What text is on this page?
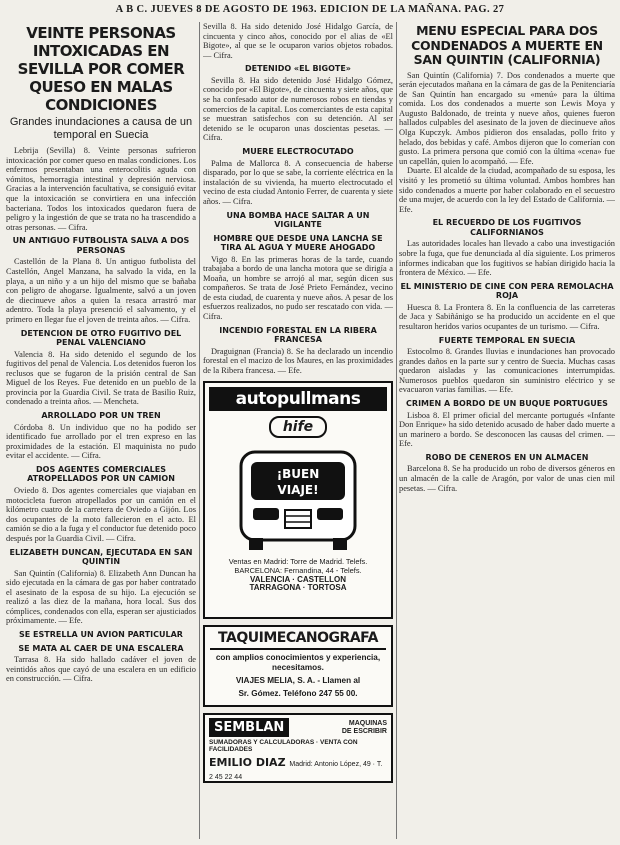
A B C. JUEVES 8 DE AGOSTO DE 1963. EDICION DE LA MAÑANA. PAG. 27
VEINTE PERSONAS INTOXICADAS EN SEVILLA POR COMER QUESO EN MALAS CONDICIONES
Grandes inundaciones a causa de un temporal en Suecia
Lebrija (Sevilla) 8. Veinte personas sufrieron intoxicación por comer queso en malas condiciones. Los enfermos presentaban una enterocolitis aguda con vómitos, hemorragia intestinal y depresión nerviosa. Gracias a la intervención facultativa, se consiguió evitar que la intoxicación se convirtiera en una infección bacteriana. Todos los intoxicados quedaron fuera de peligro y la ingestión de que se trata no ha trascendido a otras personas. — Cifra.
UN ANTIGUO FUTBOLISTA SALVA A DOS PERSONAS
Castellón de la Plana 8. Un antiguo futbolista del Castellón, Angel Manzana, ha salvado la vida, en la playa, a un niño y a un hijo del mismo que se bañaba con peligro de ahogarse. Igualmente, salvó a un joven de diecinueve años a quien la resaca arrastró mar adentro. Toda la playa presenció el salvamento, y el primero en llegar fue el joven de treinta años. — Cifra.
DETENCION DE OTRO FUGITIVO DEL PENAL VALENCIANO
Valencia 8. Ha sido detenido el segundo de los fugitivos del penal de Valencia. Los detenidos fueron los reclusos que se fugaron de la prisión central de San Miguel de los Reyes. Fue detenido en un pueblo de la provincia por la Guardia Civil. Se trata de Basilio Ruiz, condenado a treinta años. — Mencheta.
ARROLLADO POR UN TREN
Córdoba 8. Un individuo que no ha podido ser identificado fue arrollado por el tren expreso en las proximidades de la estación. El maquinista no pudo evitar el accidente. — Cifra.
DOS AGENTES COMERCIALES ATROPELLADOS POR UN CAMION
Oviedo 8. Dos agentes comerciales que viajaban en motocicleta fueron atropellados por un camión en el kilómetro cuatro de la carretera de Oviedo a Gijón. Los dos ocupantes de la moto fallecieron en el acto. El camión se dio a la fuga y el conductor fue detenido poco después por la Guardia Civil. — Cifra.
ELIZABETH DUNCAN, EJECUTADA EN SAN QUINTIN
San Quintín (California) 8. Elizabeth Ann Duncan ha sido ejecutada en la cámara de gas por haber contratado el asesinato de la esposa de su hijo. La ejecución se realizó a las diez de la mañana, hora local. Sus dos cómplices, condenados con ella, esperan ser ajusticiados próximamente. — Efe.
SE ESTRELLA UN AVION PARTICULAR
SE MATA AL CAER DE UNA ESCALERA
Tarrasa 8. Ha sido hallado cadáver el joven de veintidós años que cayó de una escalera en un edificio en construcción. — Cifra.
Sevilla 8. Ha sido detenido José Hidalgo García, de cincuenta y cinco años, conocido por el alias de «El Bigote», al que se le ocuparon varios objetos robados. — Cifra.
DETENIDO «EL BIGOTE»
Sevilla 8. Ha sido detenido José Hidalgo Gómez, conocido por «El Bigote», de cincuenta y siete años, que se ha confesado autor de numerosos robos en tiendas y comercios de la capital. Los comerciantes de esta capital se muestran satisfechos con su detención. Al ser detenido se le ocuparon unas doscientas pesetas. — Cifra.
MUERE ELECTROCUTADO
Palma de Mallorca 8. A consecuencia de haberse disparado, por lo que se sabe, la corriente eléctrica en la instalación de su vivienda, ha muerto electrocutado el vecino de esta ciudad Antonio Ferrer, de cuarenta y siete años. — Cifra.
UNA BOMBA HACE SALTAR A UN VIGILANTE
HOMBRE QUE DESDE UNA LANCHA SE TIRA AL AGUA Y MUERE AHOGADO
Vigo 8. En las primeras horas de la tarde, cuando trabajaba a bordo de una lancha motora que se dirigía a Moaña, un hombre se arrojó al mar, según dicen sus compañeros. Se trata de José Prieto Fernández, vecino de esta ciudad, de cuarenta y nueve años. A pesar de los esfuerzos realizados, no pudo ser rescatado con vida. — Cifra.
INCENDIO FORESTAL EN LA RIBERA FRANCESA
Draguignan (Francia) 8. Se ha declarado un incendio forestal en el macizo de los Maures, en las proximidades de la Ribera francesa. — Efe.
autopullmans
hife
¡BUEN
VIAJE!
Ventas en Madrid: Torre de Madrid. Telefs.
BARCELONA: Fernandina, 44 - Telefs.
VALENCIA · CASTELLON
TARRAGONA · TORTOSA
TAQUIMECANOGRAFA
con amplios conocimientos y experiencia, necesitamos.
VIAJES MELIA, S. A. - Llamen al
Sr. Gómez. Teléfono 247 55 00.
SEMBLAN	MAQUINAS
DE ESCRIBIR
SUMADORAS Y CALCULADORAS · VENTA CON FACILIDADES
EMILIO DIAZ Madrid: Antonio López, 49 · T. 2 45 22 44
MENU ESPECIAL PARA DOS CONDENADOS A MUERTE EN SAN QUINTIN (CALIFORNIA)
San Quintín (California) 7. Dos condenados a muerte que serán ejecutados mañana en la cámara de gas de la Penitenciaría de San Quintín han encargado su «menú» para la última comida. Los dos condenados a muerte son Lewis Moya y Augusto Baldonado, de treinta y nueve años, quienes fueron hallados culpables del asesinato de la joven de diecinueve años Olga Kupczyk. Ambos pidieron dos ensaladas, pollo frito y helado, dos bebidas y café. Ambos dijeron que lo comerían con gusto. La primera persona que comió con la última «cena» fue un capellán, quien lo acompañó. — Efe.
Duarte. El alcalde de la ciudad, acompañado de su esposa, les visitó y les prometió su última voluntad. Ambos hombres han sido condenados a muerte por haber colaborado en el secuestro de una mujer, de acuerdo con la ley del Estado de California. — Efe.
EL RECUERDO DE LOS FUGITIVOS CALIFORNIANOS
Las autoridades locales han llevado a cabo una investigación sobre la fuga, que fue denunciada al día siguiente. Los primeros informes indicaban que los fugitivos se habían dirigido hacia la frontera de México. — Efe.
EL MINISTERIO DE CINE CON PERA REMOLACHA ROJA
Huesca 8. La Frontera 8. En la confluencia de las carreteras de Jaca y Sabiñánigo se ha producido un accidente en el que resultaron heridos varios ocupantes de un turismo. — Cifra.
FUERTE TEMPORAL EN SUECIA
Estocolmo 8. Grandes lluvias e inundaciones han provocado grandes daños en la parte sur y centro de Suecia. Muchas casas quedaron aisladas y las comunicaciones interrumpidas. Numerosos pueblos quedaron sin suministro eléctrico y se evacuaron varias familias. — Efe.
CRIMEN A BORDO DE UN BUQUE PORTUGUES
Lisboa 8. El primer oficial del mercante portugués «Infante Don Enrique» ha sido detenido acusado de haber dado muerte a un marinero a bordo. Se desconocen las causas del crimen. — Efe.
ROBO DE CENEROS EN UN ALMACEN
Barcelona 8. Se ha producido un robo de diversos géneros en un almacén de la calle de Aragón, por valor de unas cien mil pesetas. — Cifra.
